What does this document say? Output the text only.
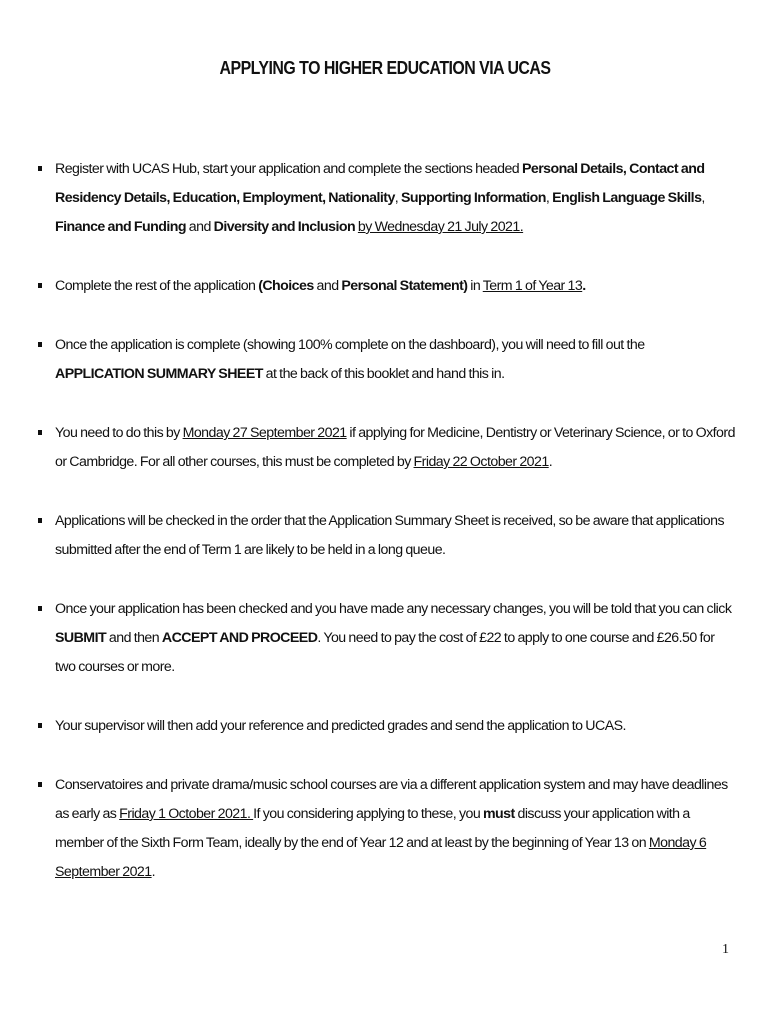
APPLYING TO HIGHER EDUCATION VIA UCAS
Register with UCAS Hub, start your application and complete the sections headed Personal Details, Contact and Residency Details, Education, Employment, Nationality, Supporting Information, English Language Skills, Finance and Funding and Diversity and Inclusion by Wednesday 21 July 2021.
Complete the rest of the application (Choices and Personal Statement) in Term 1 of Year 13.
Once the application is complete (showing 100% complete on the dashboard), you will need to fill out the APPLICATION SUMMARY SHEET at the back of this booklet and hand this in.
You need to do this by Monday 27 September 2021 if applying for Medicine, Dentistry or Veterinary Science, or to Oxford or Cambridge. For all other courses, this must be completed by Friday 22 October 2021.
Applications will be checked in the order that the Application Summary Sheet is received, so be aware that applications submitted after the end of Term 1 are likely to be held in a long queue.
Once your application has been checked and you have made any necessary changes, you will be told that you can click SUBMIT and then ACCEPT AND PROCEED. You need to pay the cost of £22 to apply to one course and £26.50 for two courses or more.
Your supervisor will then add your reference and predicted grades and send the application to UCAS.
Conservatoires and private drama/music school courses are via a different application system and may have deadlines as early as Friday 1 October 2021. If you considering applying to these, you must discuss your application with a member of the Sixth Form Team, ideally by the end of Year 12 and at least by the beginning of Year 13 on Monday 6 September 2021.
1
